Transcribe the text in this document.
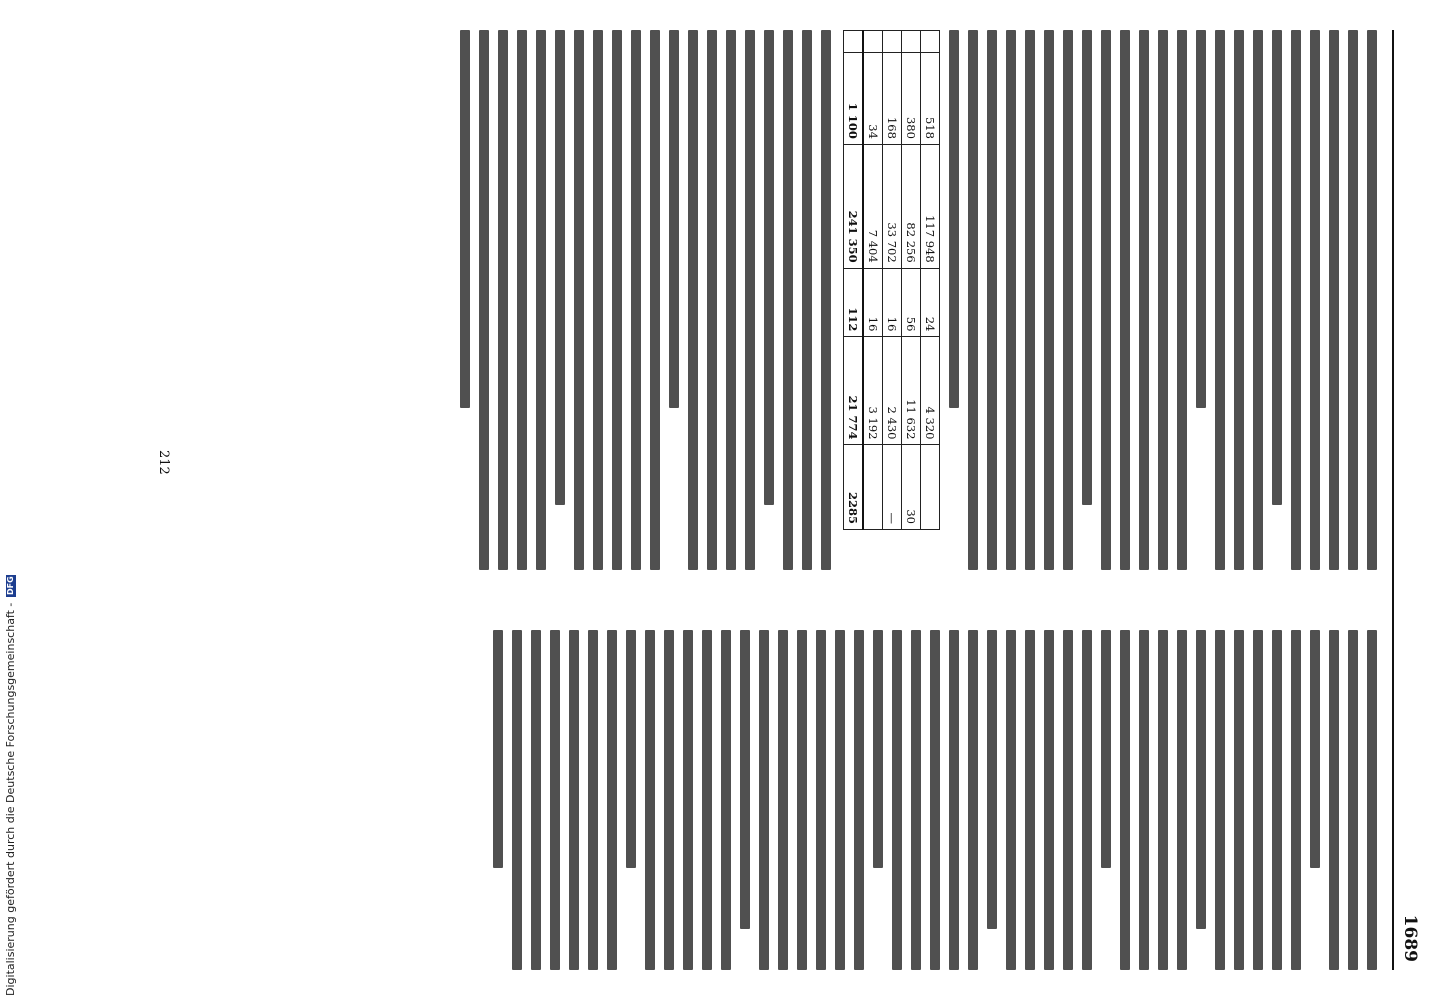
Digitalisierung gefördert durch die Deutsche Forschungsgemeinschaft -
DFG
1689
	518	117 948	24	4 320	
	380	82 256	56	11 632	30
	168	33 702	16	2 430	—
	34	7 404	16	3 192	
	1 100	241 350	112	21 774	2285
212
